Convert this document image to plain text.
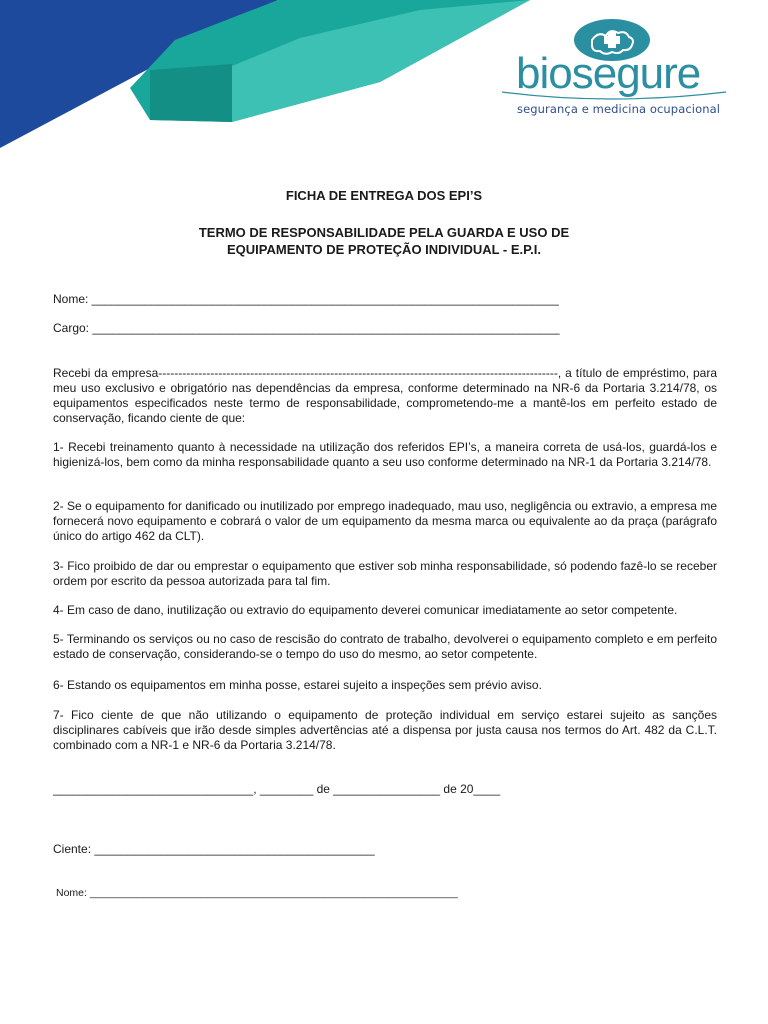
biosegure
segurança e medicina ocupacional
FICHA DE ENTREGA DOS EPI’S
TERMO DE RESPONSABILIDADE PELA GUARDA E USO DE
EQUIPAMENTO DE PROTEÇÃO INDIVIDUAL - E.P.I.
Nome: ______________________________________________________________________
Cargo: ______________________________________________________________________
Recebi da empresa----------------------------------------------------------------------------------------------------, a título de empréstimo, para meu uso exclusivo e obrigatório nas dependências da empresa, conforme determinado na NR-6 da Portaria 3.214/78, os equipamentos especificados neste termo de responsabilidade, comprometendo-me a mantê-los em perfeito estado de conservação, ficando ciente de que:
1- Recebi treinamento quanto à necessidade na utilização dos referidos EPI’s, a maneira correta de usá-los, guardá-los e higienizá-los, bem como da minha responsabilidade quanto a seu uso conforme determinado na NR-1 da Portaria 3.214/78.
2- Se o equipamento for danificado ou inutilizado por emprego inadequado, mau uso, negligência ou extravio, a empresa me fornecerá novo equipamento e cobrará o valor de um equipamento da mesma marca ou equivalente ao da praça (parágrafo único do artigo 462 da CLT).
3- Fico proibido de dar ou emprestar o equipamento que estiver sob minha responsabilidade, só podendo fazê-lo se receber ordem por escrito da pessoa autorizada para tal fim.
4- Em caso de dano, inutilização ou extravio do equipamento deverei comunicar imediatamente ao setor competente.
5- Terminando os serviços ou no caso de rescisão do contrato de trabalho, devolverei o equipamento completo e em perfeito estado de conservação, considerando-se o tempo do uso do mesmo, ao setor competente.
6- Estando os equipamentos em minha posse, estarei sujeito a inspeções sem prévio aviso.
7- Fico ciente de que não utilizando o equipamento de proteção individual em serviço estarei sujeito as sanções disciplinares cabíveis que irão desde simples advertências até a dispensa por justa causa nos termos do Art. 482 da C.L.T. combinado com a NR-1 e NR-6 da Portaria 3.214/78.
______________________________, ________ de ________________ de 20____
Ciente: __________________________________________
Nome: _______________________________________________________________
